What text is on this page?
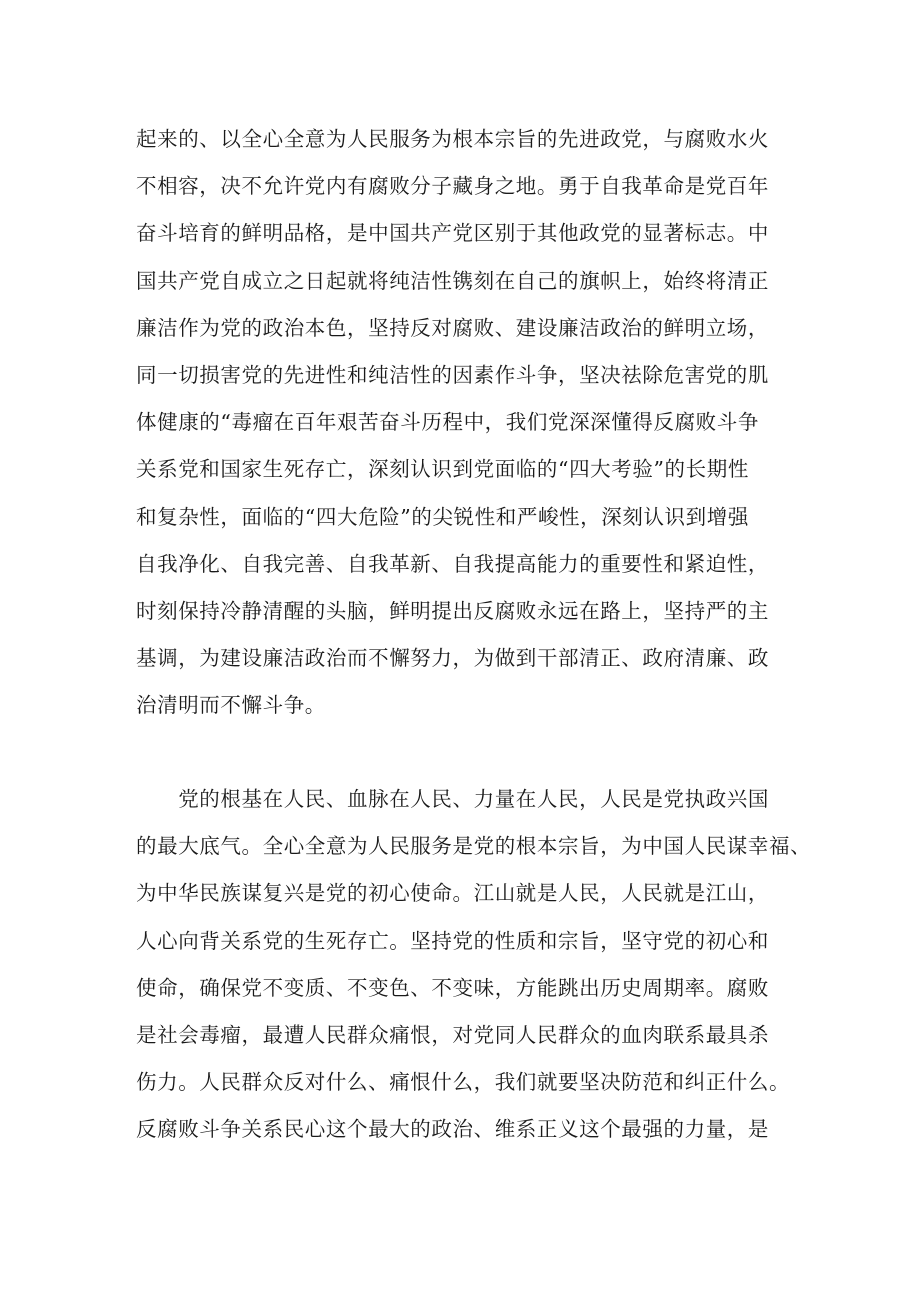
起来的、以全心全意为人民服务为根本宗旨的先进政党，与腐败水火
不相容，决不允许党内有腐败分子藏身之地。勇于自我革命是党百年
奋斗培育的鲜明品格，是中国共产党区别于其他政党的显著标志。中
国共产党自成立之日起就将纯洁性镌刻在自己的旗帜上，始终将清正
廉洁作为党的政治本色，坚持反对腐败、建设廉洁政治的鲜明立场，
同一切损害党的先进性和纯洁性的因素作斗争，坚决祛除危害党的肌
体健康的“毒瘤在百年艰苦奋斗历程中，我们党深深懂得反腐败斗争
关系党和国家生死存亡，深刻认识到党面临的“四大考验”的长期性
和复杂性，面临的“四大危险”的尖锐性和严峻性，深刻认识到增强
自我净化、自我完善、自我革新、自我提高能力的重要性和紧迫性，
时刻保持冷静清醒的头脑，鲜明提出反腐败永远在路上，坚持严的主
基调，为建设廉洁政治而不懈努力，为做到干部清正、政府清廉、政
治清明而不懈斗争。
　　党的根基在人民、血脉在人民、力量在人民，人民是党执政兴国
的最大底气。全心全意为人民服务是党的根本宗旨，为中国人民谋幸福、
为中华民族谋复兴是党的初心使命。江山就是人民，人民就是江山，
人心向背关系党的生死存亡。坚持党的性质和宗旨，坚守党的初心和
使命，确保党不变质、不变色、不变味，方能跳出历史周期率。腐败
是社会毒瘤，最遭人民群众痛恨，对党同人民群众的血肉联系最具杀
伤力。人民群众反对什么、痛恨什么，我们就要坚决防范和纠正什么。
反腐败斗争关系民心这个最大的政治、维系正义这个最强的力量，是
